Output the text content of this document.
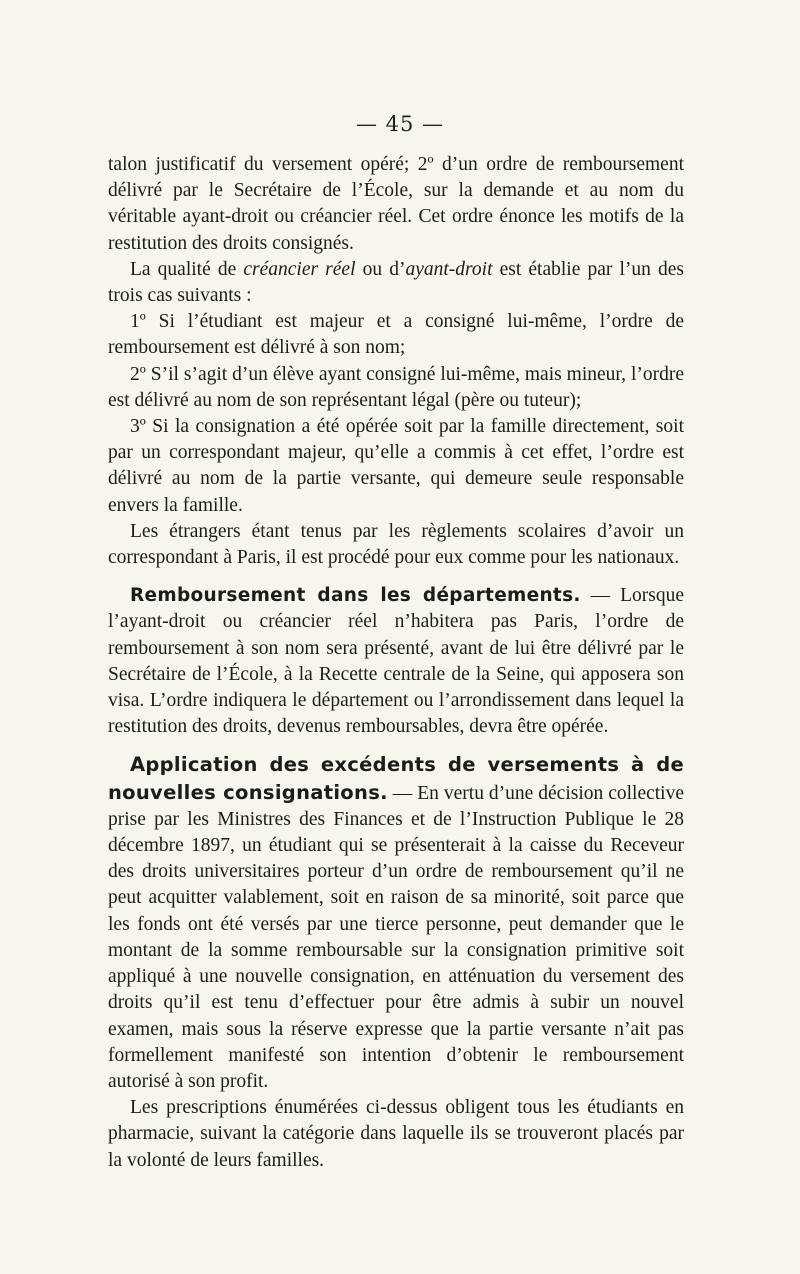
— 45 —

talon justificatif du versement opéré; 2º d’un ordre de remboursement délivré par le Secrétaire de l’École, sur la demande et au nom du véritable ayant-droit ou créancier réel. Cet ordre énonce les motifs de la restitution des droits consignés.

La qualité de créancier réel ou d’ayant-droit est établie par l’un des trois cas suivants :

1º Si l’étudiant est majeur et a consigné lui-même, l’ordre de remboursement est délivré à son nom;

2º S’il s’agit d’un élève ayant consigné lui-même, mais mineur, l’ordre est délivré au nom de son représentant légal (père ou tuteur);

3º Si la consignation a été opérée soit par la famille directement, soit par un correspondant majeur, qu’elle a commis à cet effet, l’ordre est délivré au nom de la partie versante, qui demeure seule responsable envers la famille.

Les étrangers étant tenus par les règlements scolaires d’avoir un correspondant à Paris, il est procédé pour eux comme pour les nationaux.

Remboursement dans les départements. — Lorsque l’ayant-droit ou créancier réel n’habitera pas Paris, l’ordre de remboursement à son nom sera présenté, avant de lui être délivré par le Secrétaire de l’École, à la Recette centrale de la Seine, qui apposera son visa. L’ordre indiquera le département ou l’arrondissement dans lequel la restitution des droits, devenus remboursables, devra être opérée.

Application des excédents de versements à de nouvelles consignations. — En vertu d’une décision collective prise par les Ministres des Finances et de l’Instruction Publique le 28 décembre 1897, un étudiant qui se présenterait à la caisse du Receveur des droits universitaires porteur d’un ordre de remboursement qu’il ne peut acquitter valablement, soit en raison de sa minorité, soit parce que les fonds ont été versés par une tierce personne, peut demander que le montant de la somme remboursable sur la consignation primitive soit appliqué à une nouvelle consignation, en atténuation du versement des droits qu’il est tenu d’effectuer pour être admis à subir un nouvel examen, mais sous la réserve expresse que la partie versante n’ait pas formellement manifesté son intention d’obtenir le remboursement autorisé à son profit.

Les prescriptions énumérées ci-dessus obligent tous les étudiants en pharmacie, suivant la catégorie dans laquelle ils se trouveront placés par la volonté de leurs familles.
